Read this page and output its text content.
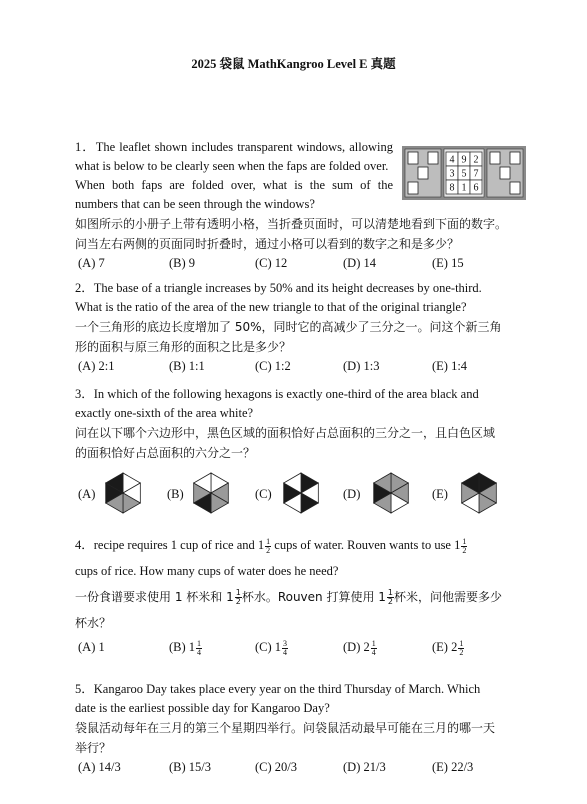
2025 袋鼠 MathKangroo Level E 真题

1．The leaflet shown includes transparent windows, allowing

what is below to be clearly seen when the faps are folded over.

When both faps are folded over, what is the sum of the

numbers that can be seen through the windows?

如图所示的小册子上带有透明小格，当折叠页面时，可以清楚地看到下面的数字。

问当左右两侧的页面同时折叠时，通过小格可以看到的数字之和是多少？

(A) 7	(B) 9	(C) 12	(D) 14	(E) 15
4 9 2
3 5 7
8 1 6

2．The base of a triangle increases by 50% and its height decreases by one-third.

What is the ratio of the area of the new triangle to that of the original triangle?

一个三角形的底边长度增加了 50%，同时它的高减少了三分之一。问这个新三角

形的面积与原三角形的面积之比是多少？

(A) 2:1	(B) 1:1	(C) 1:2	(D) 1:3	(E) 1:4

3．In which of the following hexagons is exactly one-third of the area black and

exactly one-sixth of the area white?

问在以下哪个六边形中，黑色区域的面积恰好占总面积的三分之一，且白色区域

的面积恰好占总面积的六分之一？

(A)	(B)	(C)	(D)	(E)

4．recipe requires 1 cup of rice and $1 \frac{1}{2}$ cups of water. Rouven wants to use $1 \frac{1}{2}$

cups of rice. How many cups of water does he need?

一份食谱要求使用 1 杯米和 $1 \frac{1}{2}$ 杯水。Rouven 打算使用 $1 \frac{1}{2}$ 杯米，问他需要多少

杯水？

(A) 1	(B) $1 \frac{1}{4}$	(C) $1 \frac{3}{4}$	(D) $2 \frac{1}{4}$	(E) $2 \frac{1}{2}$

5．Kangaroo Day takes place every year on the third Thursday of March. Which

date is the earliest possible day for Kangaroo Day?

袋鼠活动每年在三月的第三个星期四举行。问袋鼠活动最早可能在三月的哪一天

举行？

(A) 14/3	(B) 15/3	(C) 20/3	(D) 21/3	(E) 22/3
